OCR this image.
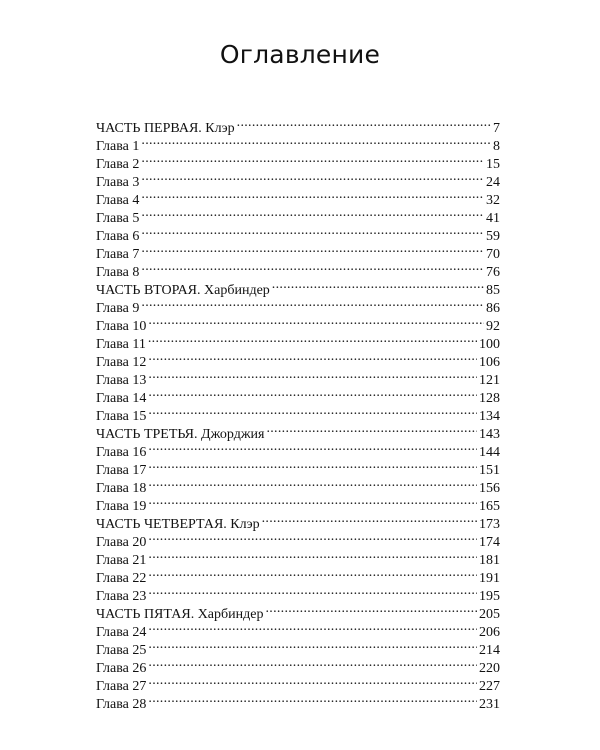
Оглавление
ЧАСТЬ ПЕРВАЯ. Клэр . . .	7
Глава 1 . . .	8
Глава 2 . . .	15
Глава 3 . . .	24
Глава 4 . . .	32
Глава 5 . . .	41
Глава 6 . . .	59
Глава 7 . . .	70
Глава 8 . . .	76
ЧАСТЬ ВТОРАЯ. Харбиндер . . .	85
Глава 9 . . .	86
Глава 10 . . .	92
Глава 11 . . .	100
Глава 12 . . .	106
Глава 13 . . .	121
Глава 14 . . .	128
Глава 15 . . .	134
ЧАСТЬ ТРЕТЬЯ. Джорджия . . .	143
Глава 16 . . .	144
Глава 17 . . .	151
Глава 18 . . .	156
Глава 19 . . .	165
ЧАСТЬ ЧЕТВЕРТАЯ. Клэр . . .	173
Глава 20 . . .	174
Глава 21 . . .	181
Глава 22 . . .	191
Глава 23 . . .	195
ЧАСТЬ ПЯТАЯ. Харбиндер . . .	205
Глава 24 . . .	206
Глава 25 . . .	214
Глава 26 . . .	220
Глава 27 . . .	227
Глава 28 . . .	231
